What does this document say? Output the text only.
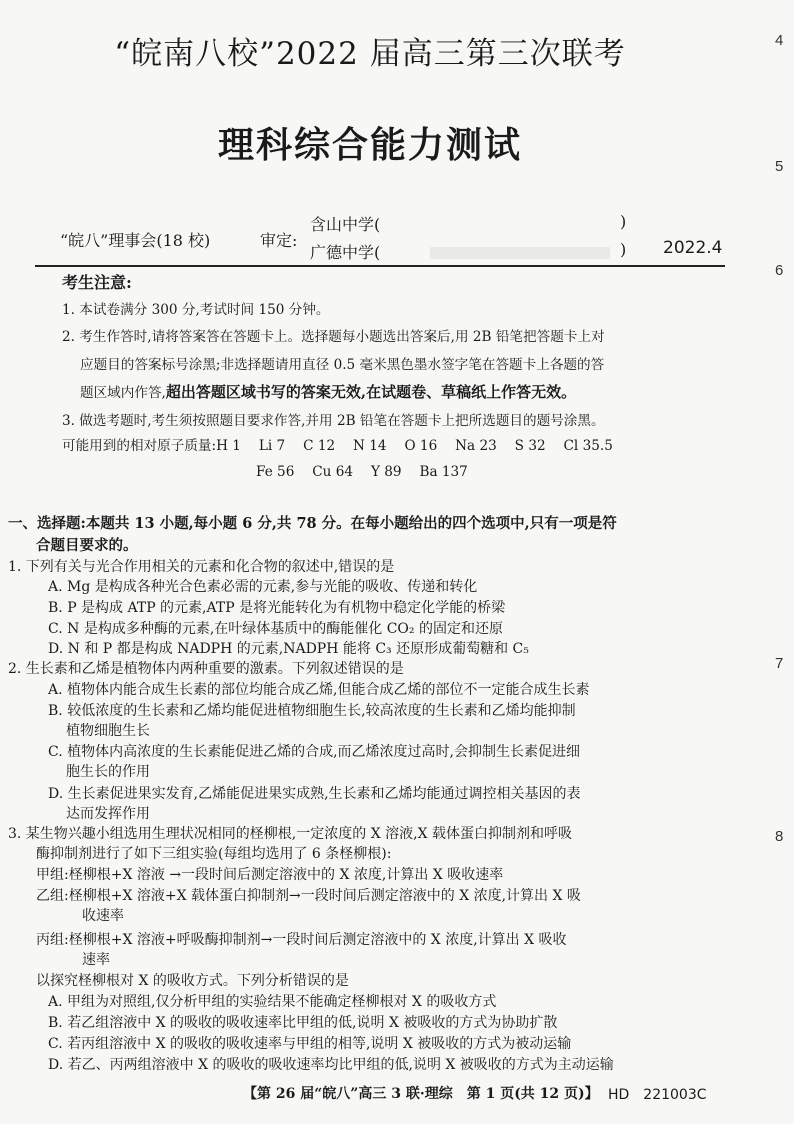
“皖南八校”2022 届高三第三次联考
理科综合能力测试
4
5
6
7
8
“皖八”理事会(18 校)	审定:
含山中学(	)
广德中学(	) 2022.4
考生注意:
1. 本试卷满分 300 分,考试时间 150 分钟。
2. 考生作答时,请将答案答在答题卡上。选择题每小题选出答案后,用 2B 铅笔把答题卡上对
应题目的答案标号涂黑;非选择题请用直径 0.5 毫米黑色墨水签字笔在答题卡上各题的答
题区域内作答,超出答题区域书写的答案无效,在试题卷、草稿纸上作答无效。
3. 做选考题时,考生须按照题目要求作答,并用 2B 铅笔在答题卡上把所选题目的题号涂黑。
可能用到的相对原子质量:H 1　 Li 7　 C 12　 N 14　 O 16　 Na 23　 S 32　 Cl 35.5
Fe 56　 Cu 64　 Y 89　 Ba 137
一、选择题:本题共 13 小题,每小题 6 分,共 78 分。在每小题给出的四个选项中,只有一项是符
合题目要求的。
1. 下列有关与光合作用相关的元素和化合物的叙述中,错误的是
A. Mg 是构成各种光合色素必需的元素,参与光能的吸收、传递和转化
B. P 是构成 ATP 的元素,ATP 是将光能转化为有机物中稳定化学能的桥梁
C. N 是构成多种酶的元素,在叶绿体基质中的酶能催化 CO₂ 的固定和还原
D. N 和 P 都是构成 NADPH 的元素,NADPH 能将 C₃ 还原形成葡萄糖和 C₅
2. 生长素和乙烯是植物体内两种重要的激素。下列叙述错误的是
A. 植物体内能合成生长素的部位均能合成乙烯,但能合成乙烯的部位不一定能合成生长素
B. 较低浓度的生长素和乙烯均能促进植物细胞生长,较高浓度的生长素和乙烯均能抑制
植物细胞生长
C. 植物体内高浓度的生长素能促进乙烯的合成,而乙烯浓度过高时,会抑制生长素促进细
胞生长的作用
D. 生长素促进果实发育,乙烯能促进果实成熟,生长素和乙烯均能通过调控相关基因的表
达而发挥作用
3. 某生物兴趣小组选用生理状况相同的柽柳根,一定浓度的 X 溶液,X 载体蛋白抑制剂和呼吸
酶抑制剂进行了如下三组实验(每组均选用了 6 条柽柳根):
甲组:柽柳根+X 溶液 →一段时间后测定溶液中的 X 浓度,计算出 X 吸收速率
乙组:柽柳根+X 溶液+X 载体蛋白抑制剂→一段时间后测定溶液中的 X 浓度,计算出 X 吸
收速率
丙组:柽柳根+X 溶液+呼吸酶抑制剂→一段时间后测定溶液中的 X 浓度,计算出 X 吸收
速率
以探究柽柳根对 X 的吸收方式。下列分析错误的是
A. 甲组为对照组,仅分析甲组的实验结果不能确定柽柳根对 X 的吸收方式
B. 若乙组溶液中 X 的吸收的吸收速率比甲组的低,说明 X 被吸收的方式为协助扩散
C. 若丙组溶液中 X 的吸收的吸收速率与甲组的相等,说明 X 被吸收的方式为被动运输
D. 若乙、丙两组溶液中 X 的吸收的吸收速率均比甲组的低,说明 X 被吸收的方式为主动运输
【第 26 届“皖八”高三 3 联·理综　第 1 页(共 12 页)】 HD　221003C
